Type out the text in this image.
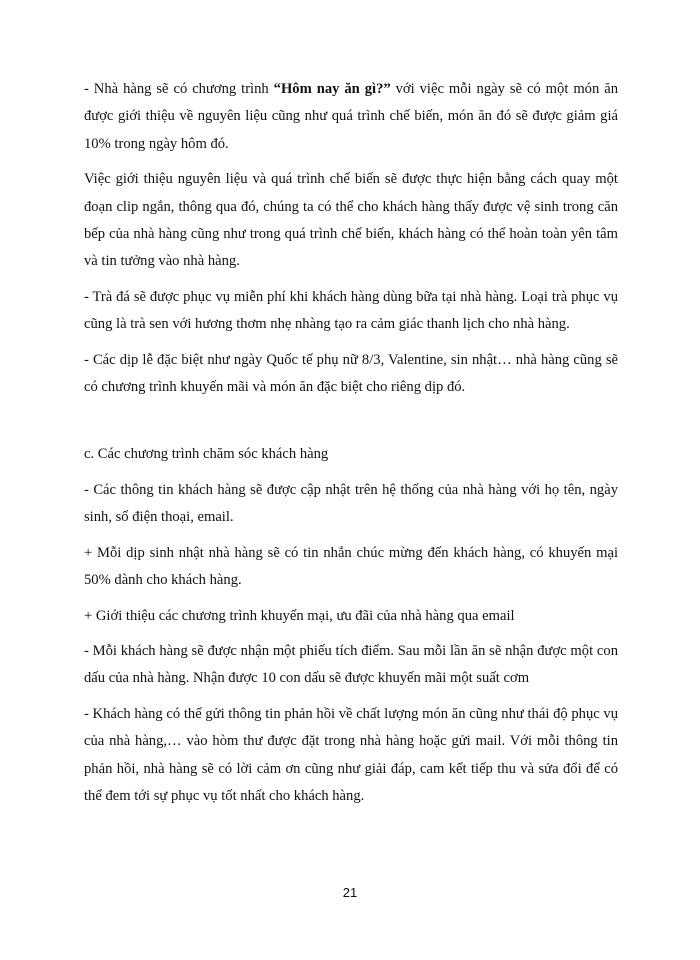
- Nhà hàng sẽ có chương trình “Hôm nay ăn gì?” với việc mỗi ngày sẽ có một món ăn được giới thiệu về nguyên liệu cũng như quá trình chế biến, món ăn đó sẽ được giảm giá 10% trong ngày hôm đó.

Việc giới thiệu nguyên liệu và quá trình chế biến sẽ được thực hiện bằng cách quay một đoạn clip ngắn, thông qua đó, chúng ta có thể cho khách hàng thấy được vệ sinh trong căn bếp của nhà hàng cũng như trong quá trình chế biến, khách hàng có thể hoàn toàn yên tâm và tin tưởng vào nhà hàng.

- Trà đá sẽ được phục vụ miễn phí khi khách hàng dùng bữa tại nhà hàng. Loại trà phục vụ cũng là trà sen với hương thơm nhẹ nhàng tạo ra cảm giác thanh lịch cho nhà hàng.

- Các dịp lễ đặc biệt như ngày Quốc tế phụ nữ 8/3, Valentine, sin nhật… nhà hàng cũng sẽ có chương trình khuyến mãi và món ăn đặc biệt cho riêng dịp đó.

c. Các chương trình chăm sóc khách hàng

- Các thông tin khách hàng sẽ được cập nhật trên hệ thống của nhà hàng với họ tên, ngày sinh, số điện thoại, email.

+ Mỗi dịp sinh nhật nhà hàng sẽ có tin nhắn chúc mừng đến khách hàng, có khuyến mại 50% dành cho khách hàng.

+ Giới thiệu các chương trình khuyến mại, ưu đãi của nhà hàng qua email

- Mỗi khách hàng sẽ được nhận một phiếu tích điểm. Sau mỗi lần ăn sẽ nhận được một con dấu của nhà hàng. Nhận được 10 con dấu sẽ được khuyến mãi một suất cơm

- Khách hàng có thể gửi thông tin phản hồi về chất lượng món ăn cũng như thái độ phục vụ của nhà hàng,… vào hòm thư được đặt trong nhà hàng hoặc gửi mail. Với mỗi thông tin phản hồi, nhà hàng sẽ có lời cảm ơn cũng như giải đáp, cam kết tiếp thu và sửa đổi để có thể đem tới sự phục vụ tốt nhất cho khách hàng.

21
